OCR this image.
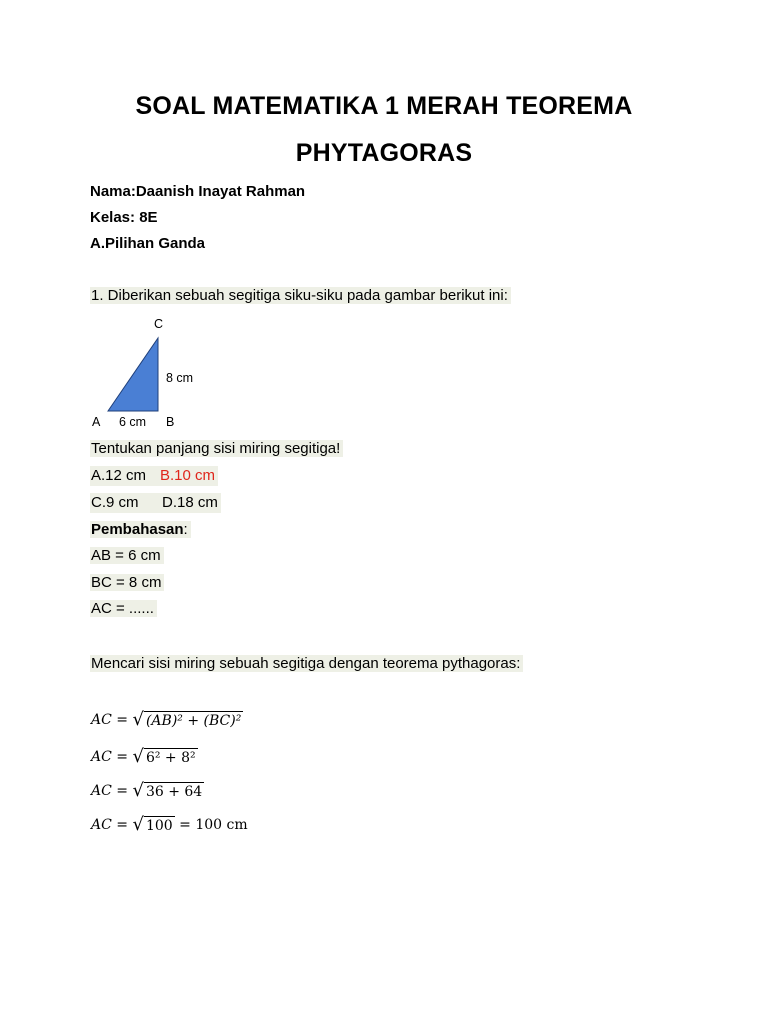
SOAL MATEMATIKA 1 MERAH TEOREMA
PHYTAGORAS
Nama:Daanish Inayat Rahman
Kelas: 8E
A.Pilihan Ganda
1. Diberikan sebuah segitiga siku-siku pada gambar berikut ini:
C
8 cm
A 6 cm B
Tentukan panjang sisi miring segitiga!
A.12 cm B.10 cm
C.9 cm D.18 cm
Pembahasan:
AB = 6 cm
BC = 8 cm
AC = ......
Mencari sisi miring sebuah segitiga dengan teorema pythagoras:
AC
=
√ (AB)² + (BC)²
AC
=
√ 6² + 8²
AC
=
√ 36 + 64
AC
=
√ 100
= 100 cm
